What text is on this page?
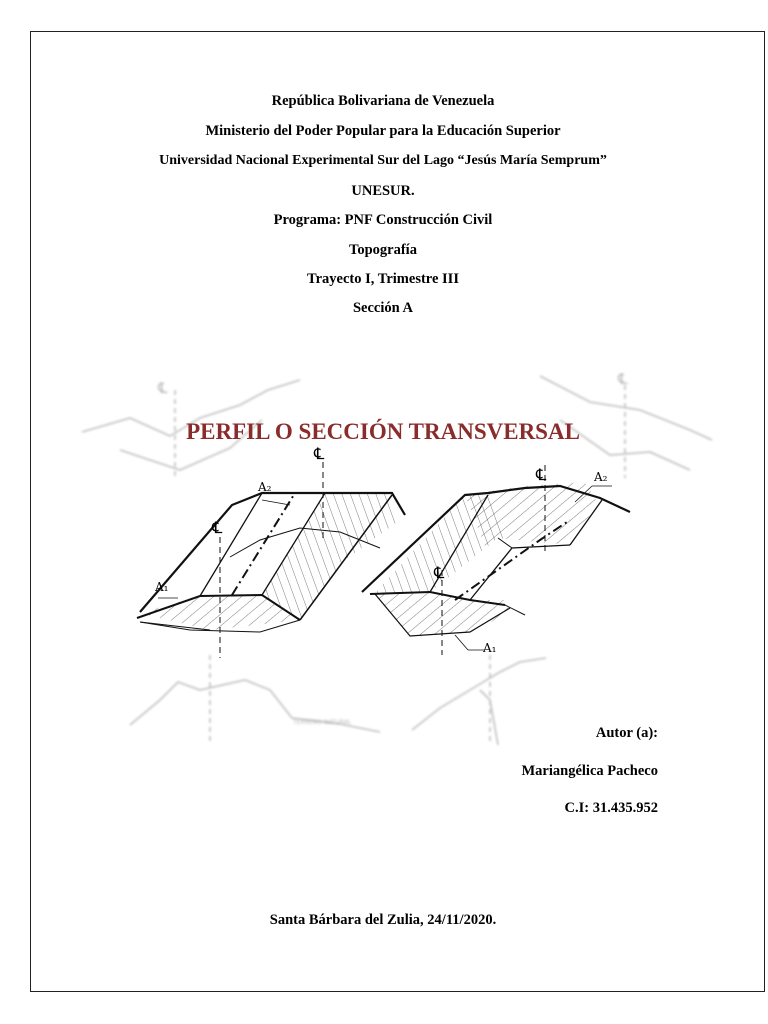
República Bolivariana de Venezuela
Ministerio del Poder Popular para la Educación Superior
Universidad Nacional Experimental Sur del Lago “Jesús María Semprum”
UNESUR.
Programa: PNF Construcción Civil
Topografía
Trayecto I, Trimestre III
Sección A
℄	℄
TERRENO NATURAL
℄
℄
A₂
A₁
℄	A₂
℄
A₁
PERFIL O SECCIÓN TRANSVERSAL
Autor (a):
Mariangélica Pacheco
C.I: 31.435.952
Santa Bárbara del Zulia, 24/11/2020.
